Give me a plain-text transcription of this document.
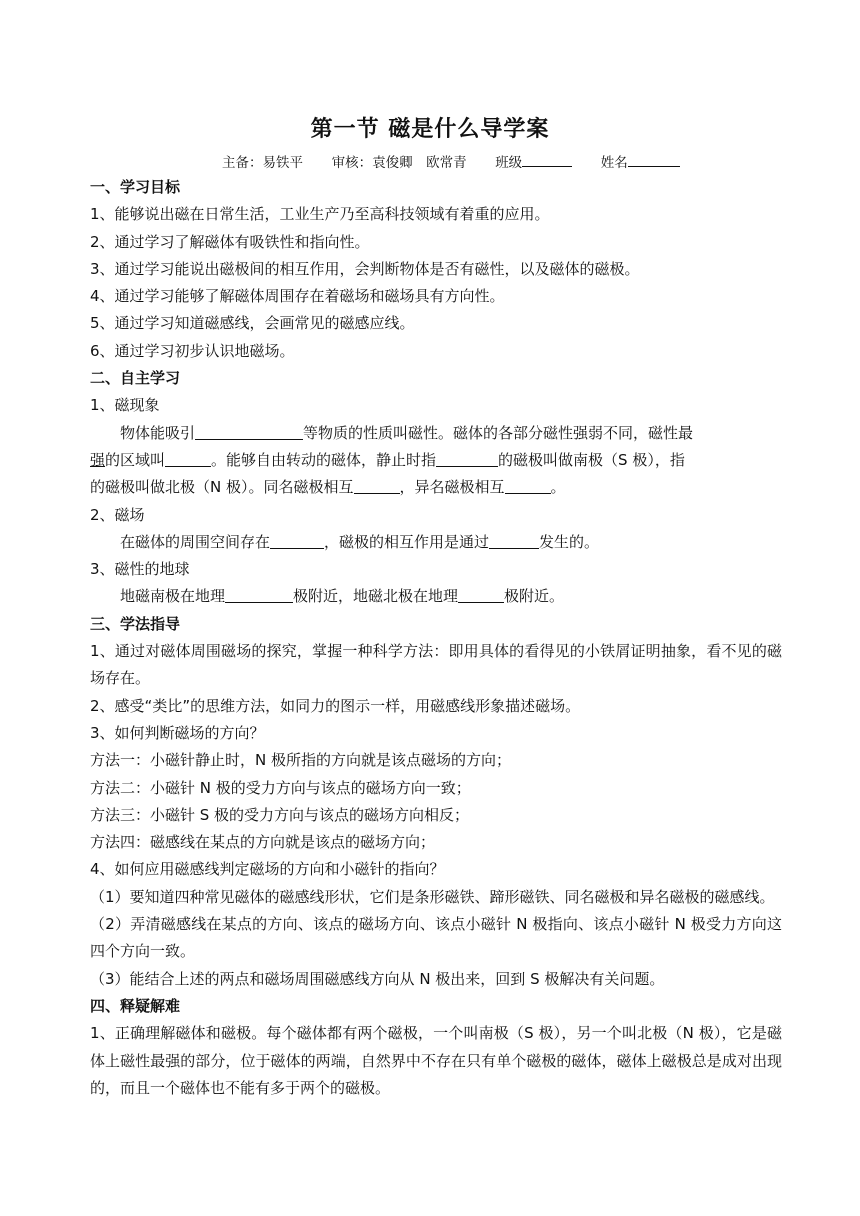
第一节 磁是什么导学案
主备：易铁平 审核：袁俊卿　欧常青 班级	姓名

一、学习目标

1、能够说出磁在日常生活，工业生产乃至高科技领域有着重的应用。

2、通过学习了解磁体有吸铁性和指向性。

3、通过学习能说出磁极间的相互作用，会判断物体是否有磁性，以及磁体的磁极。

4、通过学习能够了解磁体周围存在着磁场和磁场具有方向性。

5、通过学习知道磁感线，会画常见的磁感应线。

6、通过学习初步认识地磁场。

二、自主学习

1、磁现象

物体能吸引	等物质的性质叫磁性。磁体的各部分磁性强弱不同，磁性最

强的区域叫	。能够自由转动的磁体，静止时指	的磁极叫做南极（S 极），指

的磁极叫做北极（N 极）。同名磁极相互	，异名磁极相互	。

2、磁场

在磁体的周围空间存在	，磁极的相互作用是通过	发生的。

3、磁性的地球

地磁南极在地理	极附近，地磁北极在地理	极附近。

三、学法指导

1、通过对磁体周围磁场的探究，掌握一种科学方法：即用具体的看得见的小铁屑证明抽象，看不见的磁场存在。

2、感受“类比”的思维方法，如同力的图示一样，用磁感线形象描述磁场。

3、如何判断磁场的方向？

方法一：小磁针静止时，N 极所指的方向就是该点磁场的方向；

方法二：小磁针 N 极的受力方向与该点的磁场方向一致；

方法三：小磁针 S 极的受力方向与该点的磁场方向相反；

方法四：磁感线在某点的方向就是该点的磁场方向；

4、如何应用磁感线判定磁场的方向和小磁针的指向？

（1）要知道四种常见磁体的磁感线形状，它们是条形磁铁、蹄形磁铁、同名磁极和异名磁极的磁感线。

（2）弄清磁感线在某点的方向、该点的磁场方向、该点小磁针 N 极指向、该点小磁针 N 极受力方向这四个方向一致。

（3）能结合上述的两点和磁场周围磁感线方向从 N 极出来，回到 S 极解决有关问题。

四、释疑解难

1、正确理解磁体和磁极。每个磁体都有两个磁极，一个叫南极（S 极），另一个叫北极（N 极），它是磁体上磁性最强的部分，位于磁体的两端，自然界中不存在只有单个磁极的磁体，磁体上磁极总是成对出现的，而且一个磁体也不能有多于两个的磁极。
